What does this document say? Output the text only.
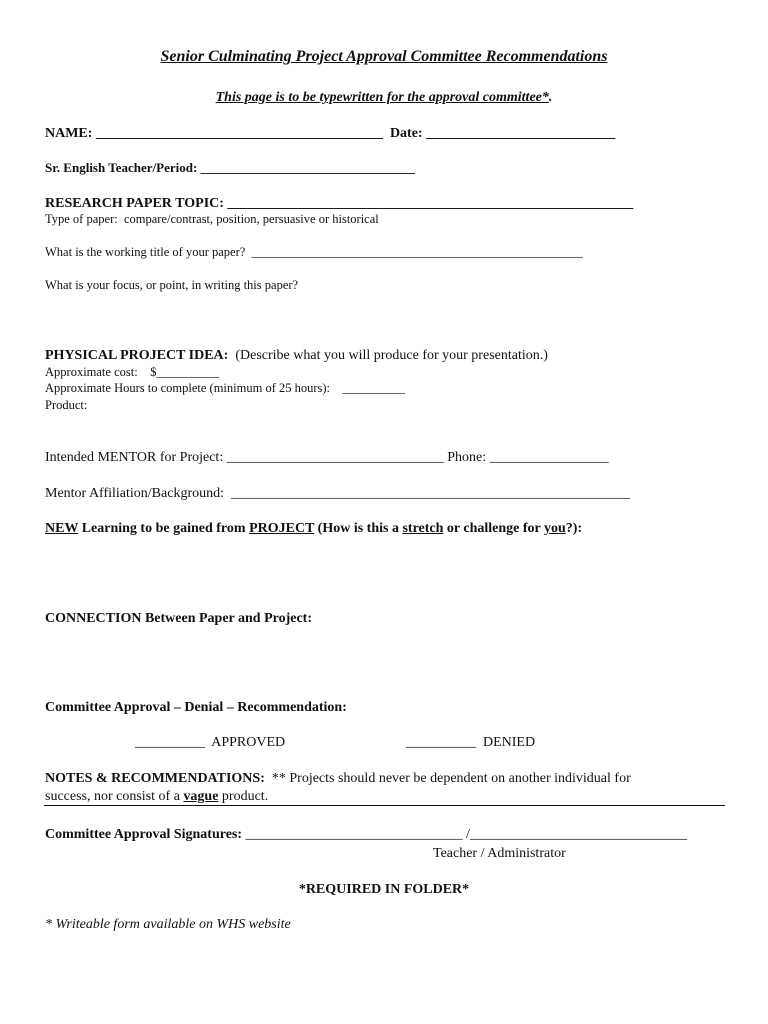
Senior Culminating Project Approval Committee Recommendations
This page is to be typewritten for the approval committee*.
NAME: _________________________________________  Date: ___________________________
Sr. English Teacher/Period: _________________________________
RESEARCH PAPER TOPIC: __________________________________________________________
Type of paper:  compare/contrast, position, persuasive or historical
What is the working title of your paper?  _____________________________________________________
What is your focus, or point, in writing this paper?
PHYSICAL PROJECT IDEA:  (Describe what you will produce for your presentation.)
Approximate cost:    $__________
Approximate Hours to complete (minimum of 25 hours):    __________
Product:
Intended MENTOR for Project: _______________________________ Phone: _________________
Mentor Affiliation/Background:  _________________________________________________________
NEW Learning to be gained from PROJECT (How is this a stretch or challenge for you?):
CONNECTION Between Paper and Project:
Committee Approval – Denial – Recommendation:
__________  APPROVED	__________  DENIED
NOTES & RECOMMENDATIONS:  ** Projects should never be dependent on another individual for
success, nor consist of a vague product.
Committee Approval Signatures: _______________________________ /_______________________________
Teacher / Administrator
*REQUIRED IN FOLDER*
* Writeable form available on WHS website
